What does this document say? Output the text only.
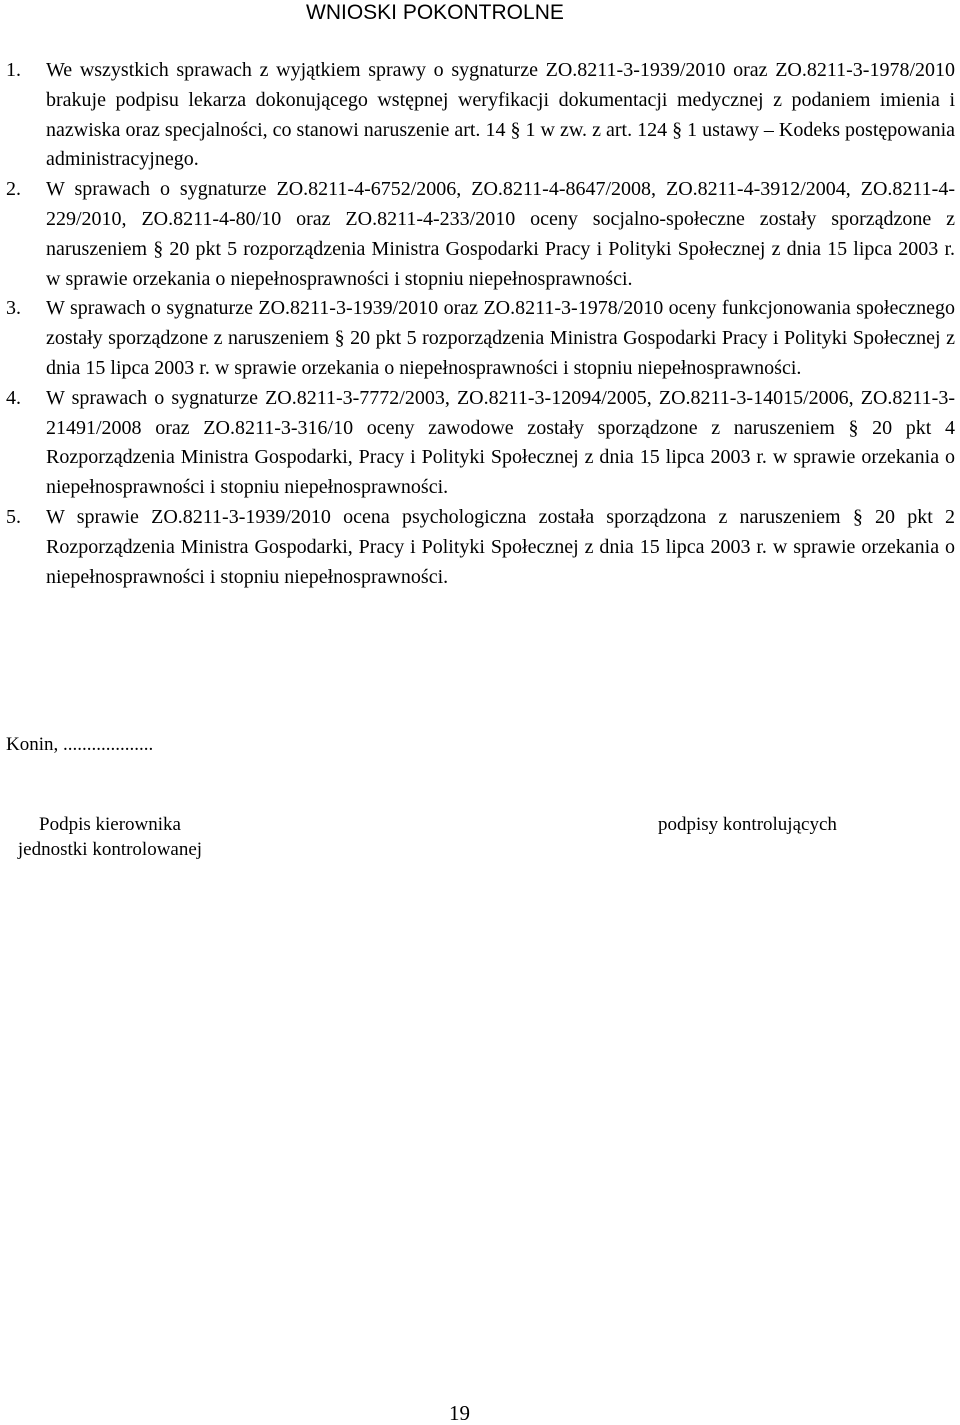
WNIOSKI POKONTROLNE
1. We wszystkich sprawach z wyjątkiem sprawy o sygnaturze ZO.8211-3-1939/2010 oraz ZO.8211-3-1978/2010 brakuje podpisu lekarza dokonującego wstępnej weryfikacji dokumentacji medycznej z podaniem imienia i nazwiska oraz specjalności, co stanowi naruszenie art. 14 § 1 w zw. z art. 124 § 1 ustawy – Kodeks postępowania administracyjnego.
2. W sprawach o sygnaturze ZO.8211-4-6752/2006, ZO.8211-4-8647/2008, ZO.8211-4-3912/2004, ZO.8211-4-229/2010, ZO.8211-4-80/10 oraz ZO.8211-4-233/2010 oceny socjalno-społeczne zostały sporządzone z naruszeniem § 20 pkt 5 rozporządzenia Ministra Gospodarki Pracy i Polityki Społecznej z dnia 15 lipca 2003 r. w sprawie orzekania o niepełnosprawności i stopniu niepełnosprawności.
3. W sprawach o sygnaturze ZO.8211-3-1939/2010 oraz ZO.8211-3-1978/2010 oceny funkcjonowania społecznego zostały sporządzone z naruszeniem § 20 pkt 5 rozporządzenia Ministra Gospodarki Pracy i Polityki Społecznej z dnia 15 lipca 2003 r. w sprawie orzekania o niepełnosprawności i stopniu niepełnosprawności.
4. W sprawach o sygnaturze ZO.8211-3-7772/2003, ZO.8211-3-12094/2005, ZO.8211-3-14015/2006, ZO.8211-3-21491/2008 oraz ZO.8211-3-316/10 oceny zawodowe zostały sporządzone z naruszeniem § 20 pkt 4 Rozporządzenia Ministra Gospodarki, Pracy i Polityki Społecznej z dnia 15 lipca 2003 r. w sprawie orzekania o niepełnosprawności i stopniu niepełnosprawności.
5. W sprawie ZO.8211-3-1939/2010 ocena psychologiczna została sporządzona z naruszeniem § 20 pkt 2 Rozporządzenia Ministra Gospodarki, Pracy i Polityki Społecznej z dnia 15 lipca 2003 r. w sprawie orzekania o niepełnosprawności i stopniu niepełnosprawności.
Konin, ...................
Podpis kierownika
jednostki kontrolowanej
podpisy kontrolujących
19
